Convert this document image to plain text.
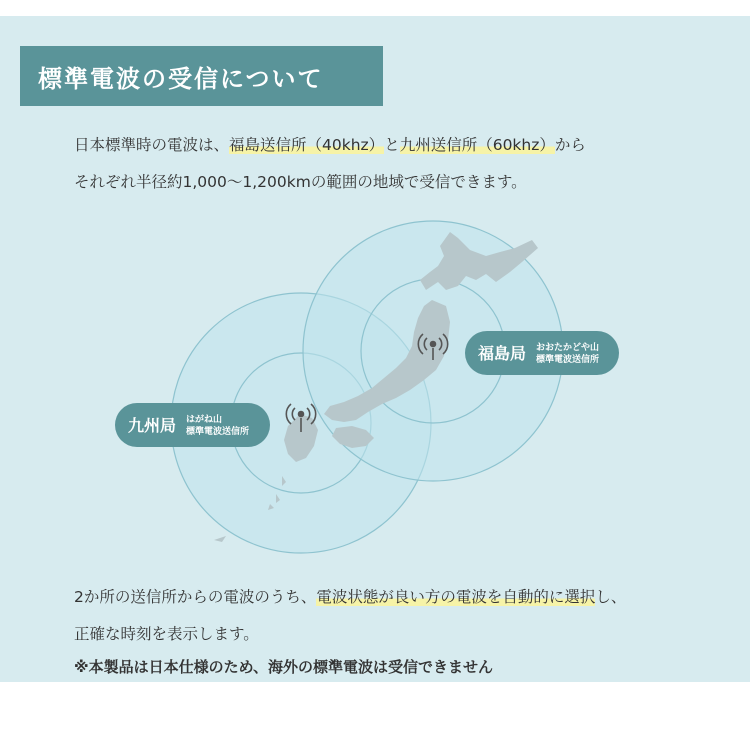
標準電波の受信について
日本標準時の電波は、福島送信所（40khz）と九州送信所（60khz）から
それぞれ半径約1,000〜1,200kmの範囲の地域で受信できます。
福島局 おおたかどや山
標準電波送信所
九州局 はがね山
標準電波送信所
2か所の送信所からの電波のうち、電波状態が良い方の電波を自動的に選択し、
正確な時刻を表示します。
※本製品は日本仕様のため、海外の標準電波は受信できません
